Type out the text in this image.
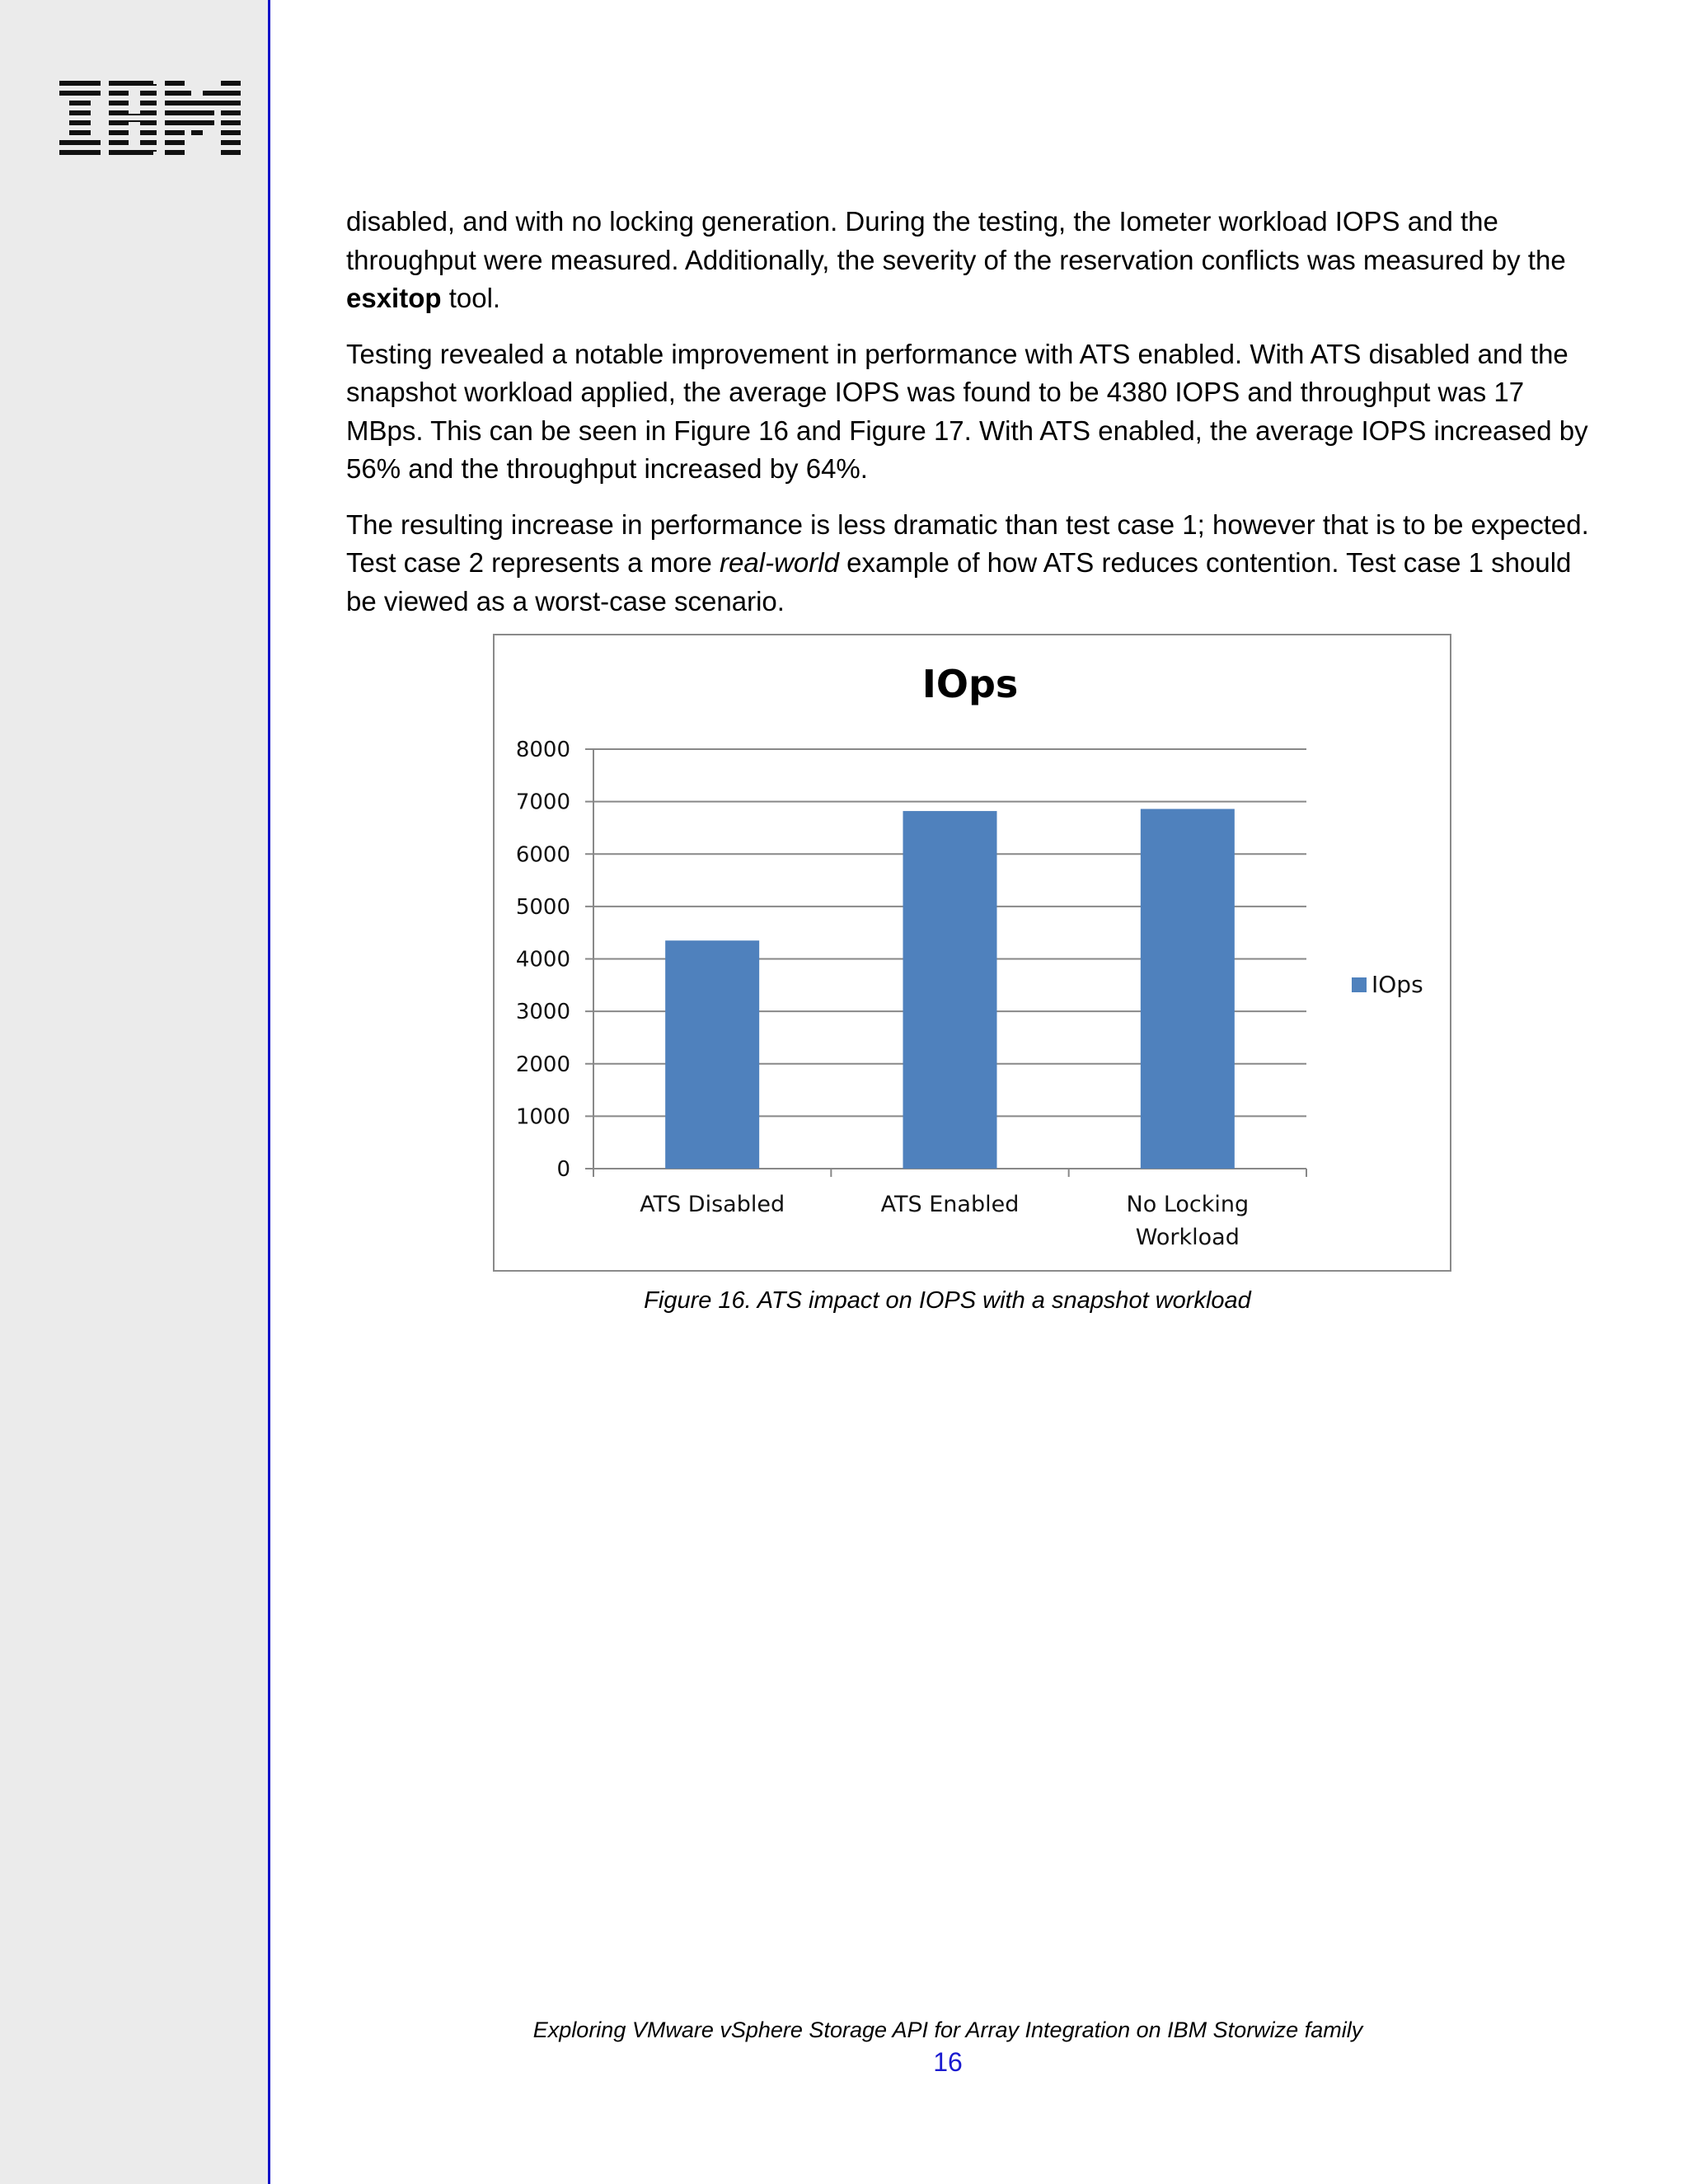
disabled, and with no locking generation. During the testing, the Iometer workload IOPS and the throughput were measured. Additionally, the severity of the reservation conflicts was measured by the esxitop tool.

Testing revealed a notable improvement in performance with ATS enabled. With ATS disabled and the snapshot workload applied, the average IOPS was found to be 4380 IOPS and throughput was 17 MBps. This can be seen in Figure 16 and Figure 17. With ATS enabled, the average IOPS increased by 56% and the throughput increased by 64%.

The resulting increase in performance is less dramatic than test case 1; however that is to be expected. Test case 2 represents a more real-world example of how ATS reduces contention. Test case 1 should be viewed as a worst-case scenario.

IOps
0
1000
2000
3000
4000
5000
6000
7000
8000
ATS Disabled	ATS Enabled	No Locking Workload
IOps
Figure 16. ATS impact on IOPS with a snapshot workload
Exploring VMware vSphere Storage API for Array Integration on IBM Storwize family
16
